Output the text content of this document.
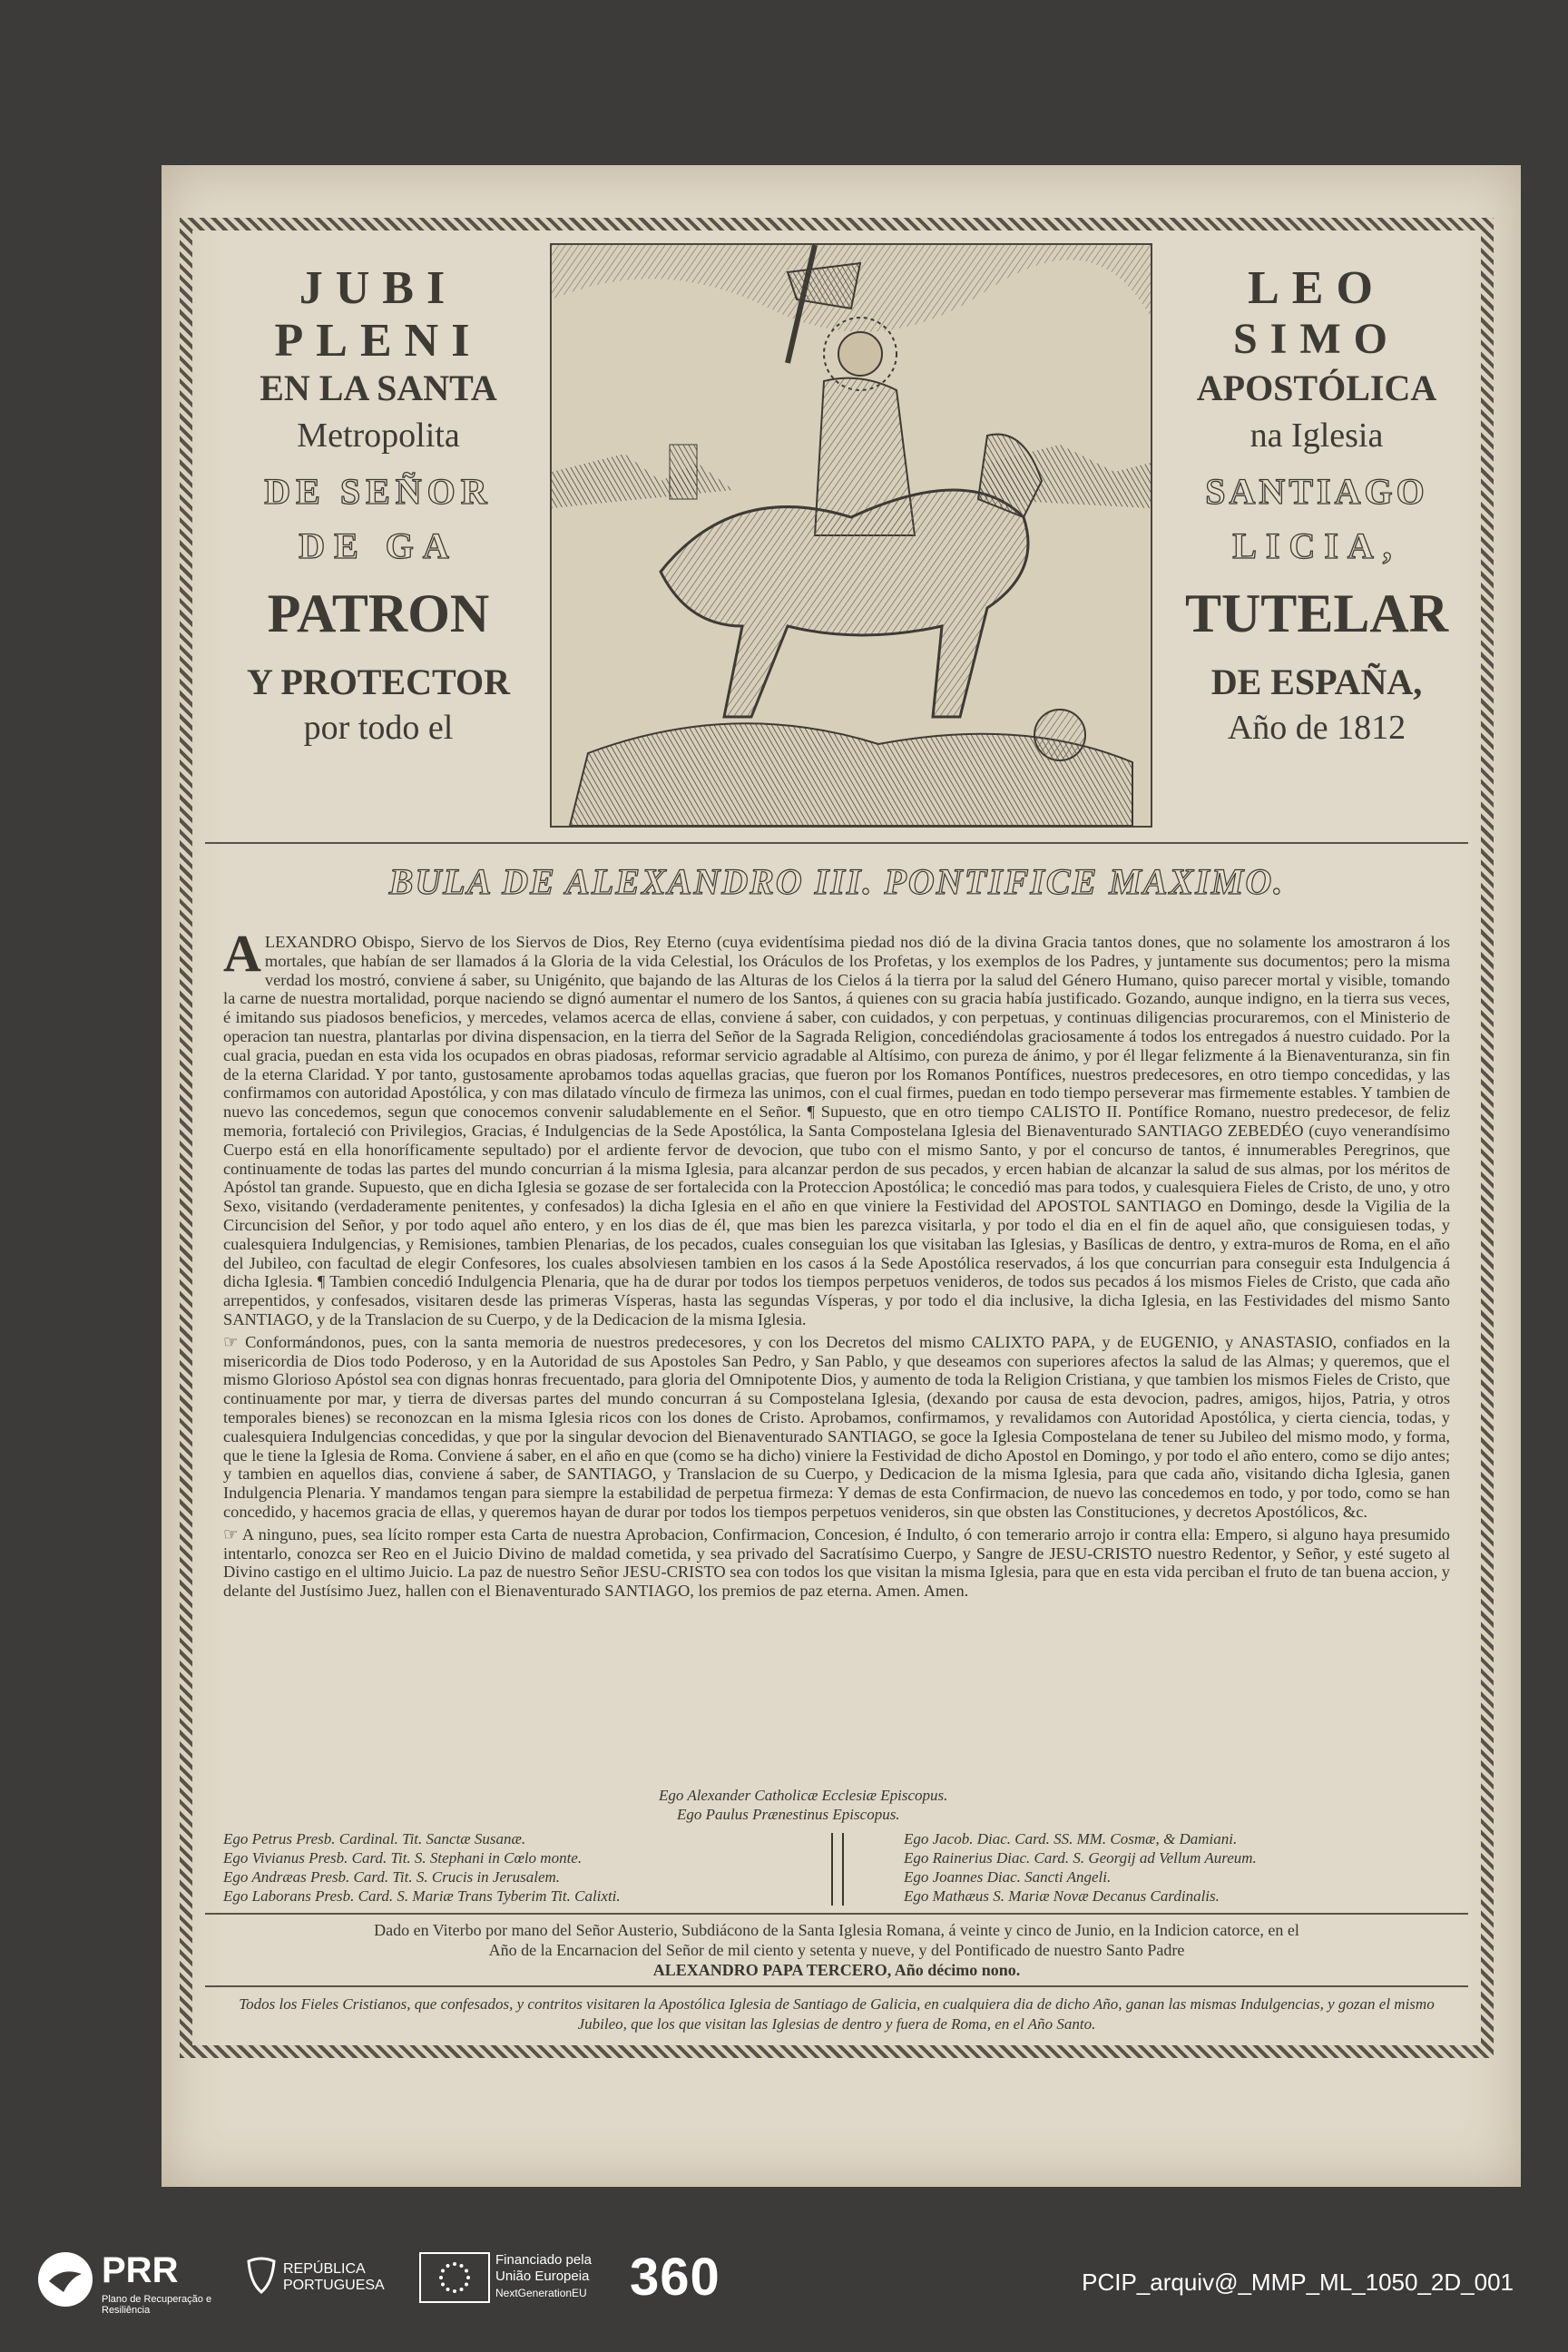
JUBI
PLENI
EN LA SANTA
Metropolita
DE SEÑOR
DE GA
PATRON
Y PROTECTOR
por todo el
LEO
SIMO
APOSTÓLICA
na Iglesia
SANTIAGO
LICIA,
TUTELAR
DE ESPAÑA,
Año de 1812
BULA DE ALEXANDRO III. PONTIFICE MAXIMO.

ALEXANDRO Obispo, Siervo de los Siervos de Dios, Rey Eterno (cuya evidentísima piedad nos dió de la divina Gracia tantos dones, que no solamente los amostraron á los mortales, que habían de ser llamados á la Gloria de la vida Celestial, los Oráculos de los Profetas, y los exemplos de los Padres, y juntamente sus documentos; pero la misma verdad los mostró, conviene á saber, su Unigénito, que bajando de las Alturas de los Cielos á la tierra por la salud del Género Humano, quiso parecer mortal y visible, tomando la carne de nuestra mortalidad, porque naciendo se dignó aumentar el numero de los Santos, á quienes con su gracia había justificado. Gozando, aunque indigno, en la tierra sus veces, é imitando sus piadosos beneficios, y mercedes, velamos acerca de ellas, conviene á saber, con cuidados, y con perpetuas, y continuas diligencias procuraremos, con el Ministerio de operacion tan nuestra, plantarlas por divina dispensacion, en la tierra del Señor de la Sagrada Religion, concediéndolas graciosamente á todos los entregados á nuestro cuidado. Por la cual gracia, puedan en esta vida los ocupados en obras piadosas, reformar servicio agradable al Altísimo, con pureza de ánimo, y por él llegar felizmente á la Bienaventuranza, sin fin de la eterna Claridad. Y por tanto, gustosamente aprobamos todas aquellas gracias, que fueron por los Romanos Pontífices, nuestros predecesores, en otro tiempo concedidas, y las confirmamos con autoridad Apostólica, y con mas dilatado vínculo de firmeza las unimos, con el cual firmes, puedan en todo tiempo perseverar mas firmemente estables. Y tambien de nuevo las concedemos, segun que conocemos convenir saludablemente en el Señor. ¶ Supuesto, que en otro tiempo CALISTO II. Pontífice Romano, nuestro predecesor, de feliz memoria, fortaleció con Privilegios, Gracias, é Indulgencias de la Sede Apostólica, la Santa Compostelana Iglesia del Bienaventurado SANTIAGO ZEBEDÉO (cuyo venerandísimo Cuerpo está en ella honoríficamente sepultado) por el ardiente fervor de devocion, que tubo con el mismo Santo, y por el concurso de tantos, é innumerables Peregrinos, que continuamente de todas las partes del mundo concurrian á la misma Iglesia, para alcanzar perdon de sus pecados, y ercen habian de alcanzar la salud de sus almas, por los méritos de Apóstol tan grande. Supuesto, que en dicha Iglesia se gozase de ser fortalecida con la Proteccion Apostólica; le concedió mas para todos, y cualesquiera Fieles de Cristo, de uno, y otro Sexo, visitando (verdaderamente penitentes, y confesados) la dicha Iglesia en el año en que viniere la Festividad del APOSTOL SANTIAGO en Domingo, desde la Vigilia de la Circuncision del Señor, y por todo aquel año entero, y en los dias de él, que mas bien les parezca visitarla, y por todo el dia en el fin de aquel año, que consiguiesen todas, y cualesquiera Indulgencias, y Remisiones, tambien Plenarias, de los pecados, cuales conseguian los que visitaban las Iglesias, y Basílicas de dentro, y extra-muros de Roma, en el año del Jubileo, con facultad de elegir Confesores, los cuales absolviesen tambien en los casos á la Sede Apostólica reservados, á los que concurrian para conseguir esta Indulgencia á dicha Iglesia. ¶ Tambien concedió Indulgencia Plenaria, que ha de durar por todos los tiempos perpetuos venideros, de todos sus pecados á los mismos Fieles de Cristo, que cada año arrepentidos, y confesados, visitaren desde las primeras Vísperas, hasta las segundas Vísperas, y por todo el dia inclusive, la dicha Iglesia, en las Festividades del mismo Santo SANTIAGO, y de la Translacion de su Cuerpo, y de la Dedicacion de la misma Iglesia.

☞ Conformándonos, pues, con la santa memoria de nuestros predecesores, y con los Decretos del mismo CALIXTO PAPA, y de EUGENIO, y ANASTASIO, confiados en la misericordia de Dios todo Poderoso, y en la Autoridad de sus Apostoles San Pedro, y San Pablo, y que deseamos con superiores afectos la salud de las Almas; y queremos, que el mismo Glorioso Apóstol sea con dignas honras frecuentado, para gloria del Omnipotente Dios, y aumento de toda la Religion Cristiana, y que tambien los mismos Fieles de Cristo, que continuamente por mar, y tierra de diversas partes del mundo concurran á su Compostelana Iglesia, (dexando por causa de esta devocion, padres, amigos, hijos, Patria, y otros temporales bienes) se reconozcan en la misma Iglesia ricos con los dones de Cristo. Aprobamos, confirmamos, y revalidamos con Autoridad Apostólica, y cierta ciencia, todas, y cualesquiera Indulgencias concedidas, y que por la singular devocion del Bienaventurado SANTIAGO, se goce la Iglesia Compostelana de tener su Jubileo del mismo modo, y forma, que le tiene la Iglesia de Roma. Conviene á saber, en el año en que (como se ha dicho) viniere la Festividad de dicho Apostol en Domingo, y por todo el año entero, como se dijo antes; y tambien en aquellos dias, conviene á saber, de SANTIAGO, y Translacion de su Cuerpo, y Dedicacion de la misma Iglesia, para que cada año, visitando dicha Iglesia, ganen Indulgencia Plenaria. Y mandamos tengan para siempre la estabilidad de perpetua firmeza: Y demas de esta Confirmacion, de nuevo las concedemos en todo, y por todo, como se han concedido, y hacemos gracia de ellas, y queremos hayan de durar por todos los tiempos perpetuos venideros, sin que obsten las Constituciones, y decretos Apostólicos, &c.

☞ A ninguno, pues, sea lícito romper esta Carta de nuestra Aprobacion, Confirmacion, Concesion, é Indulto, ó con temerario arrojo ir contra ella: Empero, si alguno haya presumido intentarlo, conozca ser Reo en el Juicio Divino de maldad cometida, y sea privado del Sacratísimo Cuerpo, y Sangre de JESU-CRISTO nuestro Redentor, y Señor, y esté sugeto al Divino castigo en el ultimo Juicio. La paz de nuestro Señor JESU-CRISTO sea con todos los que visitan la misma Iglesia, para que en esta vida perciban el fruto de tan buena accion, y delante del Justísimo Juez, hallen con el Bienaventurado SANTIAGO, los premios de paz eterna. Amen. Amen.

Ego Alexander Catholicæ Ecclesiæ Episcopus.
Ego Paulus Prænestinus Episcopus.
Ego Petrus Presb. Cardinal. Tit. Sanctæ Susanæ.
Ego Vivianus Presb. Card. Tit. S. Stephani in Cœlo monte.
Ego Andræas Presb. Card. Tit. S. Crucis in Jerusalem.
Ego Laborans Presb. Card. S. Mariæ Trans Tyberim Tit. Calixti.
Ego Jacob. Diac. Card. SS. MM. Cosmæ, & Damiani.
Ego Rainerius Diac. Card. S. Georgij ad Vellum Aureum.
Ego Joannes Diac. Sancti Angeli.
Ego Mathæus S. Mariæ Novæ Decanus Cardinalis.
Dado en Viterbo por mano del Señor Austerio, Subdiácono de la Santa Iglesia Romana, á veinte y cinco de Junio, en la Indicion catorce, en el
Año de la Encarnacion del Señor de mil ciento y setenta y nueve, y del Pontificado de nuestro Santo Padre
ALEXANDRO PAPA TERCERO, Año décimo nono.
Todos los Fieles Cristianos, que confesados, y contritos visitaren la Apostólica Iglesia de Santiago de Galicia, en cualquiera dia de dicho Año, ganan las mismas Indulgencias, y gozan el mismo Jubileo, que los que visitan las Iglesias de dentro y fuera de Roma, en el Año Santo.
PRR
Plano de Recuperação e Resiliência
REPÚBLICA PORTUGUESA
Financiado pela
União Europeia
NextGenerationEU 360	PCIP_arquiv@_MMP_ML_1050_2D_001
